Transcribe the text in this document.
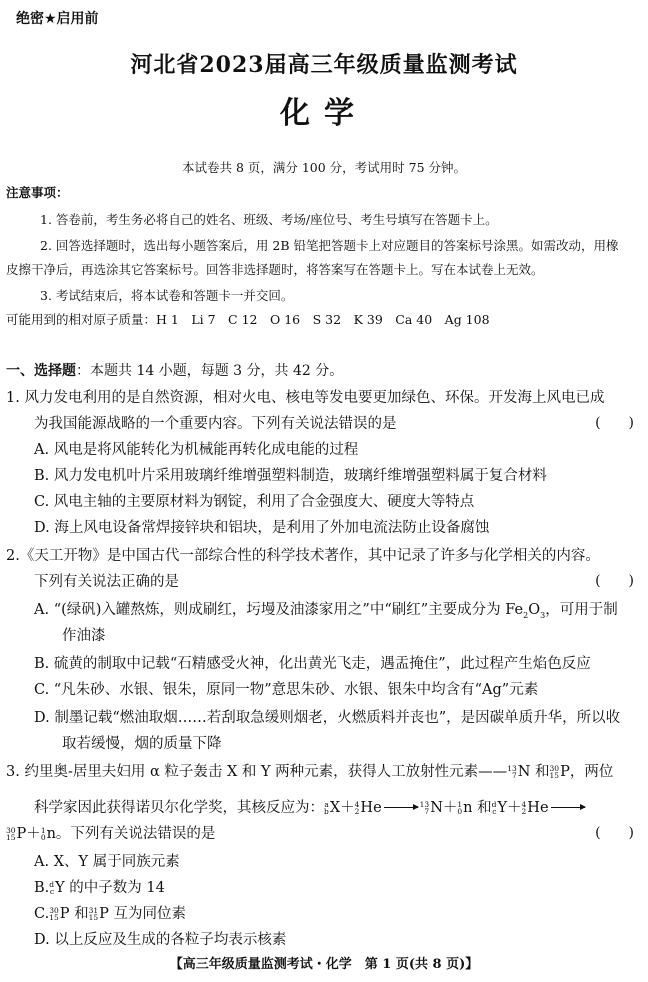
绝密★启用前
河北省2023届高三年级质量监测考试
化学
本试卷共 8 页，满分 100 分，考试用时 75 分钟。
注意事项：
1. 答卷前，考生务必将自己的姓名、班级、考场/座位号、考生号填写在答题卡上。
2. 回答选择题时，选出每小题答案后，用 2B 铅笔把答题卡上对应题目的答案标号涂黑。如需改动，用橡
皮擦干净后，再选涂其它答案标号。回答非选择题时，将答案写在答题卡上。写在本试卷上无效。
3. 考试结束后，将本试卷和答题卡一并交回。
可能用到的相对原子质量：H 1　Li 7　C 12　O 16　S 32　K 39　Ca 40　Ag 108
一、选择题：本题共 14 小题，每题 3 分，共 42 分。
1. 风力发电利用的是自然资源，相对火电、核电等发电要更加绿色、环保。开发海上风电已成
为我国能源战略的一个重要内容。下列有关说法错误的是	(　　)
A. 风电是将风能转化为机械能再转化成电能的过程
B. 风力发电机叶片采用玻璃纤维增强塑料制造，玻璃纤维增强塑料属于复合材料
C. 风电主轴的主要原材料为钢锭，利用了合金强度大、硬度大等特点
D. 海上风电设备常焊接锌块和铝块，是利用了外加电流法防止设备腐蚀
2.《天工开物》是中国古代一部综合性的科学技术著作，其中记录了许多与化学相关的内容。
下列有关说法正确的是	(　　)
A. “(绿矾)入罐熬炼，则成刷红，圬墁及油漆家用之”中“刷红”主要成分为 $Fe_2O_3$，可用于制
作油漆
B. 硫黄的制取中记载“石精感受火神，化出黄光飞走，遇盂掩住”，此过程产生焰色反应
C. “凡朱砂、水银、银朱，原同一物”意思朱砂、水银、银朱中均含有“Ag”元素
D. 制墨记载“燃油取烟……若刮取急缓则烟老，火燃质料并丧也”，是因碳单质升华，所以收
取若缓慢，烟的质量下降
3. 约里奥-居里夫妇用 α 粒子轰击 X 和 Y 两种元素，获得人工放射性元素—— 13
7 N 和 30
15 P，两位
科学家因此获得诺贝尔化学奖，其核反应为： a
b X＋ 4
2 He	13
7 N＋ 1
0 n 和 d
c Y＋ 4
2 He
30
15 P＋ 1
0 n。下列有关说法错误的是	(　　)
A. X、Y 属于同族元素
B. d
c Y 的中子数为 14
C. 30
15 P 和 31
15 P 互为同位素
D. 以上反应及生成的各粒子均表示核素
【高三年级质量监测考试・化学　第 1 页(共 8 页)】
